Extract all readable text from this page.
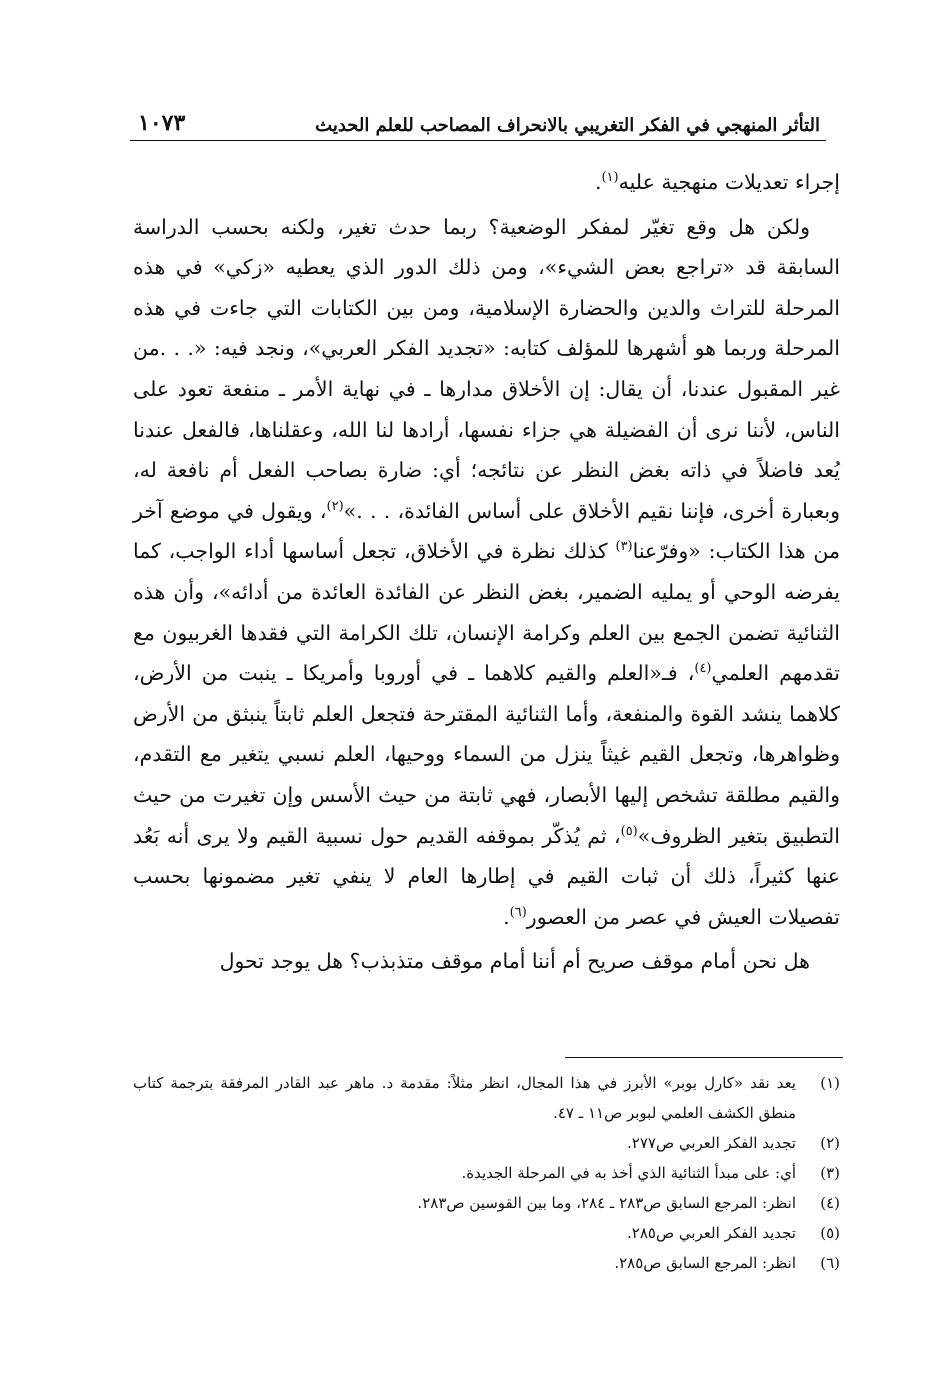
التأثر المنهجي في الفكر التغريبي بالانحراف المصاحب للعلم الحديث
١٠٧٣

إجراء تعديلات منهجية عليه$^{(١)}$.

ولكن هل وقع تغيّر لمفكر الوضعية؟ ربما حدث تغير، ولكنه بحسب الدراسة السابقة قد «تراجع بعض الشيء»، ومن ذلك الدور الذي يعطيه «زكي» في هذه المرحلة للتراث والدين والحضارة الإسلامية، ومن بين الكتابات التي جاءت في هذه المرحلة وربما هو أشهرها للمؤلف كتابه: «تجديد الفكر العربي»، ونجد فيه: «. . .من غير المقبول عندنا، أن يقال: إن الأخلاق مدارها ـ في نهاية الأمر ـ منفعة تعود على الناس، لأننا نرى أن الفضيلة هي جزاء نفسها، أرادها لنا الله، وعقلناها، فالفعل عندنا يُعد فاضلاً في ذاته بغض النظر عن نتائجه؛ أي: ضارة بصاحب الفعل أم نافعة له، وبعبارة أخرى، فإننا نقيم الأخلاق على أساس الفائدة، . . .»$^{(٢)}$، ويقول في موضع آخر من هذا الكتاب: «وفرّعنا$^{(٣)}$ كذلك نظرة في الأخلاق، تجعل أساسها أداء الواجب، كما يفرضه الوحي أو يمليه الضمير، بغض النظر عن الفائدة العائدة من أدائه»، وأن هذه الثنائية تضمن الجمع بين العلم وكرامة الإنسان، تلك الكرامة التي فقدها الغربيون مع تقدمهم العلمي$^{(٤)}$، فـ«العلم والقيم كلاهما ـ في أوروبا وأمريكا ـ ينبت من الأرض، كلاهما ينشد القوة والمنفعة، وأما الثنائية المقترحة فتجعل العلم ثابتاً ينبثق من الأرض وظواهرها، وتجعل القيم غيثاً ينزل من السماء ووحيها، العلم نسبي يتغير مع التقدم، والقيم مطلقة تشخص إليها الأبصار، فهي ثابتة من حيث الأسس وإن تغيرت من حيث التطبيق بتغير الظروف»$^{(٥)}$، ثم يُذكّر بموقفه القديم حول نسبية القيم ولا يرى أنه بَعُد عنها كثيراً، ذلك أن ثبات القيم في إطارها العام لا ينفي تغير مضمونها بحسب تفصيلات العيش في عصر من العصور$^{(٦)}$.

هل نحن أمام موقف صريح أم أننا أمام موقف متذبذب؟ هل يوجد تحول

(١)
يعد نقد «كارل بوبر» الأبرز في هذا المجال، انظر مثلاً: مقدمة د. ماهر عبد القادر المرفقة بترجمة كتاب منطق الكشف العلمي لبوبر ص١١ ـ ٤٧.
(٢)
تجديد الفكر العربي ص٢٧٧.
(٣)
أي: على مبدأ الثنائية الذي أخذ به في المرحلة الجديدة.
(٤)
انظر: المرجع السابق ص٢٨٣ ـ ٢٨٤، وما بين القوسين ص٢٨٣.
(٥)
تجديد الفكر العربي ص٢٨٥.
(٦)
انظر: المرجع السابق ص٢٨٥.
